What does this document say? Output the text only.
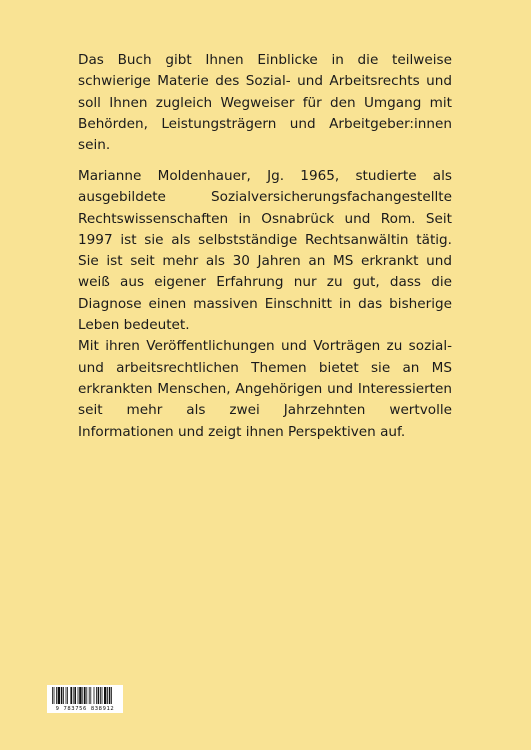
Das Buch gibt Ihnen Einblicke in die teilweise schwierige Materie des Sozial- und Arbeitsrechts und soll Ihnen zugleich Wegweiser für den Umgang mit Behörden, Leistungsträgern und Arbeitgeber:innen sein.

Marianne Moldenhauer, Jg. 1965, studierte als ausgebildete Sozialversicherungsfachangestellte Rechtswissenschaften in Osnabrück und Rom. Seit 1997 ist sie als selbstständige Rechtsanwältin tätig. Sie ist seit mehr als 30 Jahren an MS erkrankt und weiß aus eigener Erfahrung nur zu gut, dass die Diagnose einen massiven Einschnitt in das bisherige Leben bedeutet.
Mit ihren Veröffentlichungen und Vorträgen zu sozial- und arbeitsrechtlichen Themen bietet sie an MS erkrankten Menschen, Angehörigen und Interessierten seit mehr als zwei Jahrzehnten wertvolle Informationen und zeigt ihnen Perspektiven auf.
9 783756 838912
